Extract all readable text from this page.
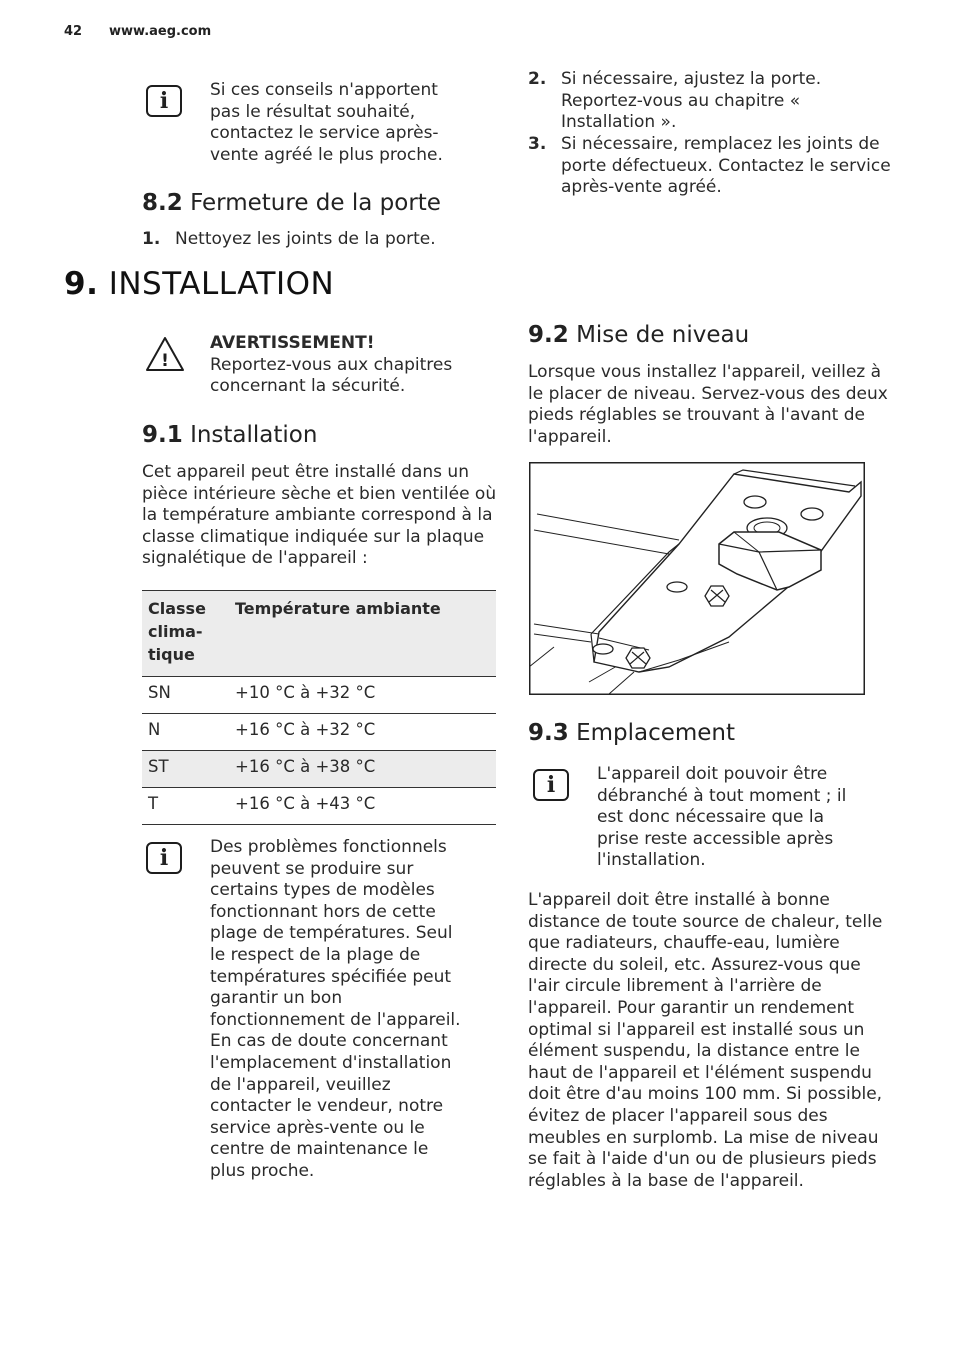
42 www.aeg.com
i Si ces conseils n'apportent pas le résultat souhaité, contactez le service après-vente agréé le plus proche.
8.2 Fermeture de la porte
1. Nettoyez les joints de la porte.
9. INSTALLATION
!
AVERTISSEMENT!
Reportez-vous aux chapitres concernant la sécurité.
9.1 Installation
Cet appareil peut être installé dans un pièce intérieure sèche et bien ventilée où la température ambiante correspond à la classe climatique indiquée sur la plaque signalétique de l'appareil :
Classe
clima-
tique	Température ambiante
SN	+10 °C à +32 °C
N	+16 °C à +32 °C
ST	+16 °C à +38 °C
T	+16 °C à +43 °C
i Des problèmes fonctionnels peuvent se produire sur certains types de modèles fonctionnant hors de cette plage de températures. Seul le respect de la plage de températures spécifiée peut garantir un bon fonctionnement de l'appareil. En cas de doute concernant l'emplacement d'installation de l'appareil, veuillez contacter le vendeur, notre service après-vente ou le centre de maintenance le plus proche.
2. Si nécessaire, ajustez la porte. Reportez-vous au chapitre « Installation ».
3. Si nécessaire, remplacez les joints de porte défectueux. Contactez le service après-vente agréé.
9.2 Mise de niveau
Lorsque vous installez l'appareil, veillez à le placer de niveau. Servez-vous des deux pieds réglables se trouvant à l'avant de l'appareil.
9.3 Emplacement
i L'appareil doit pouvoir être débranché à tout moment ; il est donc nécessaire que la prise reste accessible après l'installation.
L'appareil doit être installé à bonne distance de toute source de chaleur, telle que radiateurs, chauffe-eau, lumière directe du soleil, etc. Assurez-vous que l'air circule librement à l'arrière de l'appareil. Pour garantir un rendement optimal si l'appareil est installé sous un élément suspendu, la distance entre le haut de l'appareil et l'élément suspendu doit être d'au moins 100 mm. Si possible, évitez de placer l'appareil sous des meubles en surplomb. La mise de niveau se fait à l'aide d'un ou de plusieurs pieds réglables à la base de l'appareil.
